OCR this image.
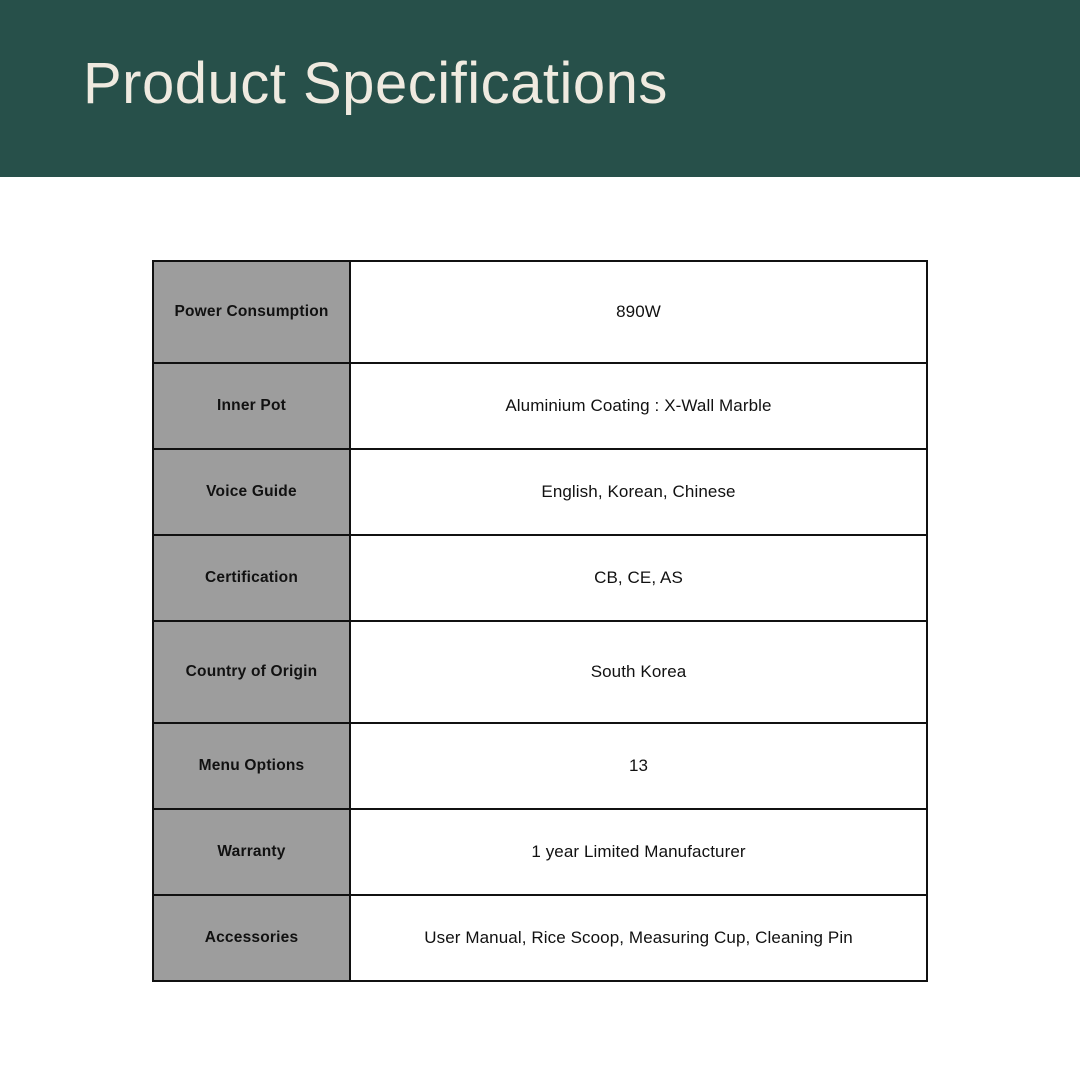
Product Specifications
Power Consumption	890W

Inner Pot	Aluminium Coating : X-Wall Marble

Voice Guide	English, Korean, Chinese

Certification	CB, CE, AS

Country of Origin	South Korea

Menu Options	13

Warranty	1 year Limited Manufacturer

Accessories	User Manual, Rice Scoop, Measuring Cup, Cleaning Pin
